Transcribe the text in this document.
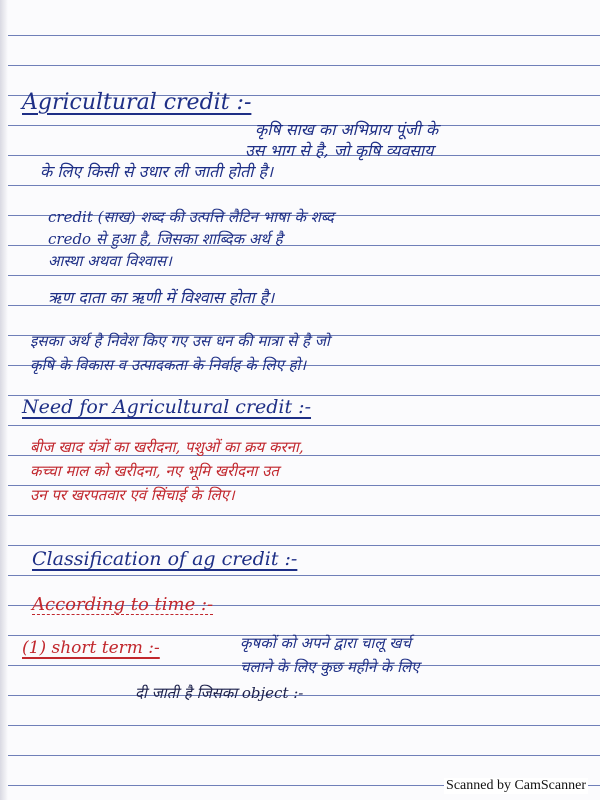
Agricultural credit :-
कृषि साख का अभिप्राय पूंजी के
उस भाग से है, जो कृषि व्यवसाय
के लिए किसी से उधार ली जाती होती है।
credit (साख) शब्द की उत्पत्ति लैटिन भाषा के शब्द
credo से हुआ है, जिसका शाब्दिक अर्थ है
आस्था अथवा विश्वास।
ऋण दाता का ऋणी में विश्वास होता है।
इसका अर्थ है निवेश किए गए उस धन की मात्रा से है जो
कृषि के विकास व उत्पादकता के निर्वाह के लिए हो।
Need for Agricultural credit :-
बीज खाद यंत्रों का खरीदना, पशुओं का क्रय करना,
कच्चा माल को खरीदना, नए भूमि खरीदना उत
उन पर खरपतवार एवं सिंचाई के लिए।
Classification of ag credit :-
According to time :-
(1) short term :-	कृषकों को अपने द्वारा चालू खर्च
चलाने के लिए कुछ महीने के लिए
दी जाती है जिसका object :-
Scanned by CamScanner
